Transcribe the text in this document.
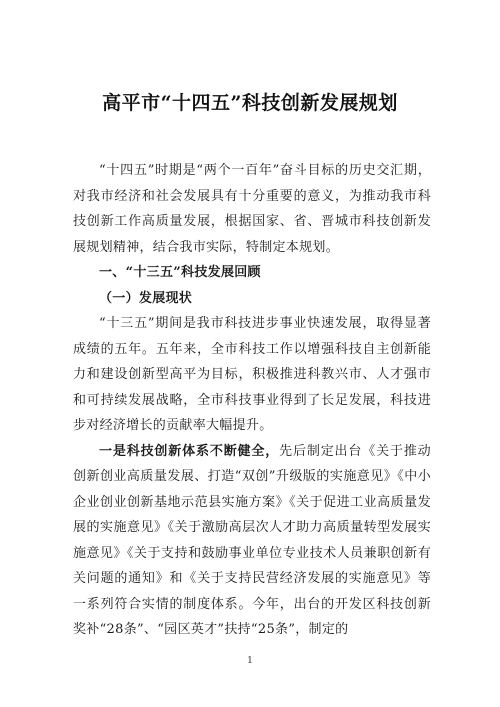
高平市“十四五”科技创新发展规划

“十四五”时期是“两个一百年”奋斗目标的历史交汇期，对我市经济和社会发展具有十分重要的意义，为推动我市科技创新工作高质量发展，根据国家、省、晋城市科技创新发展规划精神，结合我市实际，特制定本规划。

一、“十三五”科技发展回顾

（一）发展现状

“十三五”期间是我市科技进步事业快速发展，取得显著成绩的五年。五年来，全市科技工作以增强科技自主创新能力和建设创新型高平为目标，积极推进科教兴市、人才强市和可持续发展战略，全市科技事业得到了长足发展，科技进步对经济增长的贡献率大幅提升。

一是科技创新体系不断健全，先后制定出台《关于推动创新创业高质量发展、打造“双创”升级版的实施意见》《中小企业创业创新基地示范县实施方案》《关于促进工业高质量发展的实施意见》《关于激励高层次人才助力高质量转型发展实施意见》《关于支持和鼓励事业单位专业技术人员兼职创新有关问题的通知》和《关于支持民营经济发展的实施意见》等一系列符合实情的制度体系。今年，出台的开发区科技创新奖补“28条”、“园区英才”扶持“25条”，制定的

1
